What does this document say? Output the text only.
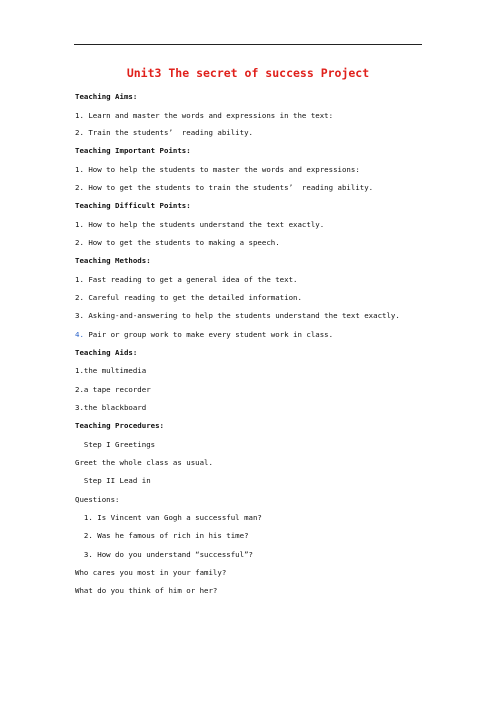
Unit3 The secret of success Project
Teaching Aims:
1. Learn and master the words and expressions in the text:
2. Train the students’  reading ability.
Teaching Important Points:
1. How to help the students to master the words and expressions:
2. How to get the students to train the students’  reading ability.
Teaching Difficult Points:
1. How to help the students understand the text exactly.
2. How to get the students to making a speech.
Teaching Methods:
1. Fast reading to get a general idea of the text.
2. Careful reading to get the detailed information.
3. Asking-and-answering to help the students understand the text exactly.
4. Pair or group work to make every student work in class.
Teaching Aids:
1.the multimedia
2.a tape recorder
3.the blackboard
Teaching Procedures:
Step I Greetings
Greet the whole class as usual.
Step II Lead in
Questions:
1. Is Vincent van Gogh a successful man?
2. Was he famous of rich in his time?
3. How do you understand “successful”?
Who cares you most in your family?
What do you think of him or her?
